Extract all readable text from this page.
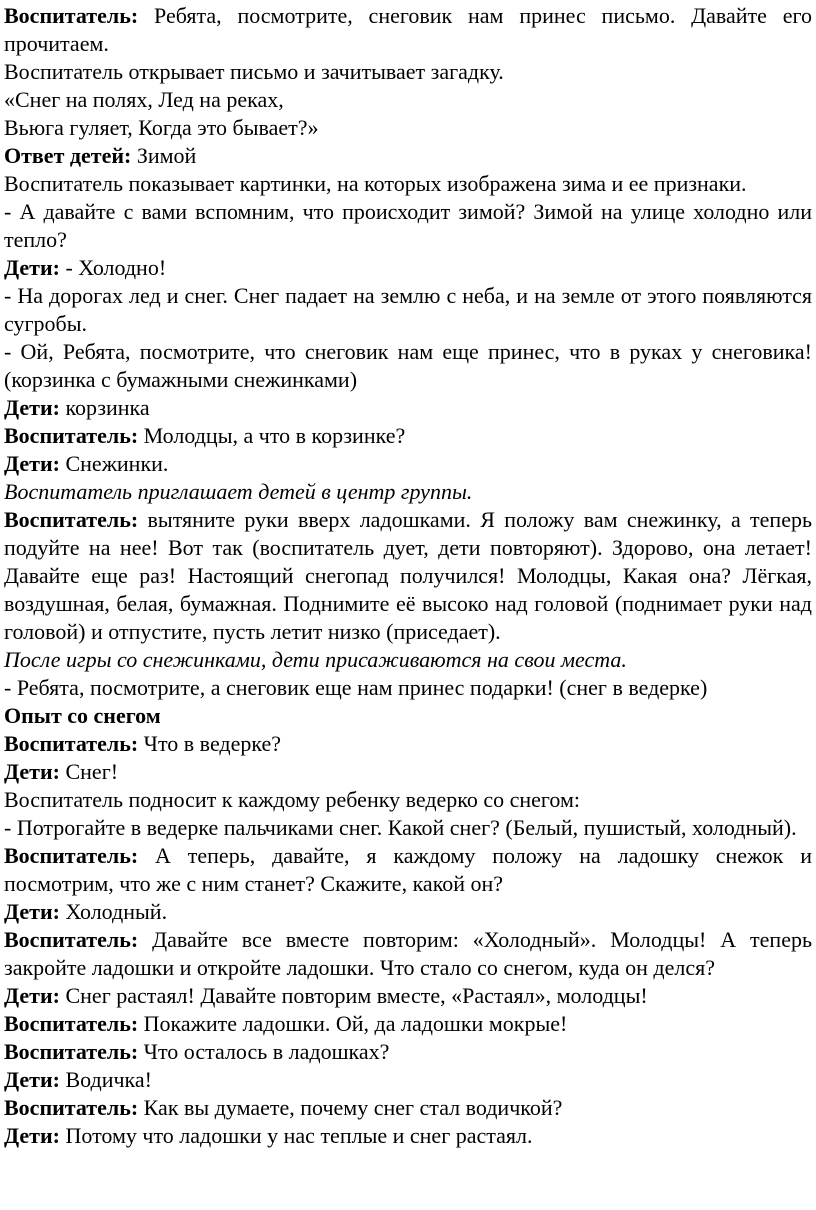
Воспитатель: Ребята, посмотрите, снеговик нам принес письмо. Давайте его прочитаем.

Воспитатель открывает письмо и зачитывает загадку.

«Снег на полях, Лед на реках,

Вьюга гуляет, Когда это бывает?»

Ответ детей: Зимой

Воспитатель показывает картинки, на которых изображена зима и ее признаки.

- А давайте с вами вспомним, что происходит зимой? Зимой на улице холодно или тепло?

Дети: - Холодно!

- На дорогах лед и снег. Снег падает на землю с неба, и на земле от этого появляются сугробы.

- Ой, Ребята, посмотрите, что снеговик нам еще принес, что в руках у снеговика! (корзинка с бумажными снежинками)

Дети: корзинка

Воспитатель: Молодцы, а что в корзинке?

Дети: Снежинки.

Воспитатель приглашает детей в центр группы.

Воспитатель: вытяните руки вверх ладошками. Я положу вам снежинку, а теперь подуйте на нее! Вот так (воспитатель дует, дети повторяют). Здорово, она летает! Давайте еще раз! Настоящий снегопад получился! Молодцы, Какая она? Лёгкая, воздушная, белая, бумажная. Поднимите её высоко над головой (поднимает руки над головой) и отпустите, пусть летит низко (приседает).

После игры со снежинками, дети присаживаются на свои места.

- Ребята, посмотрите, а снеговик еще нам принес подарки! (снег в ведерке)

Опыт со снегом

Воспитатель: Что в ведерке?

Дети: Снег!

Воспитатель подносит к каждому ребенку ведерко со снегом:

- Потрогайте в ведерке пальчиками снег. Какой снег? (Белый, пушистый, холодный).

Воспитатель: А теперь, давайте, я каждому положу на ладошку снежок и посмотрим, что же с ним станет? Скажите, какой он?

Дети: Холодный.

Воспитатель: Давайте все вместе повторим: «Холодный». Молодцы! А теперь закройте ладошки и откройте ладошки. Что стало со снегом, куда он делся?

Дети: Снег растаял! Давайте повторим вместе, «Растаял», молодцы!

Воспитатель: Покажите ладошки. Ой, да ладошки мокрые!

Воспитатель: Что осталось в ладошках?

Дети: Водичка!

Воспитатель: Как вы думаете, почему снег стал водичкой?

Дети: Потому что ладошки у нас теплые и снег растаял.
